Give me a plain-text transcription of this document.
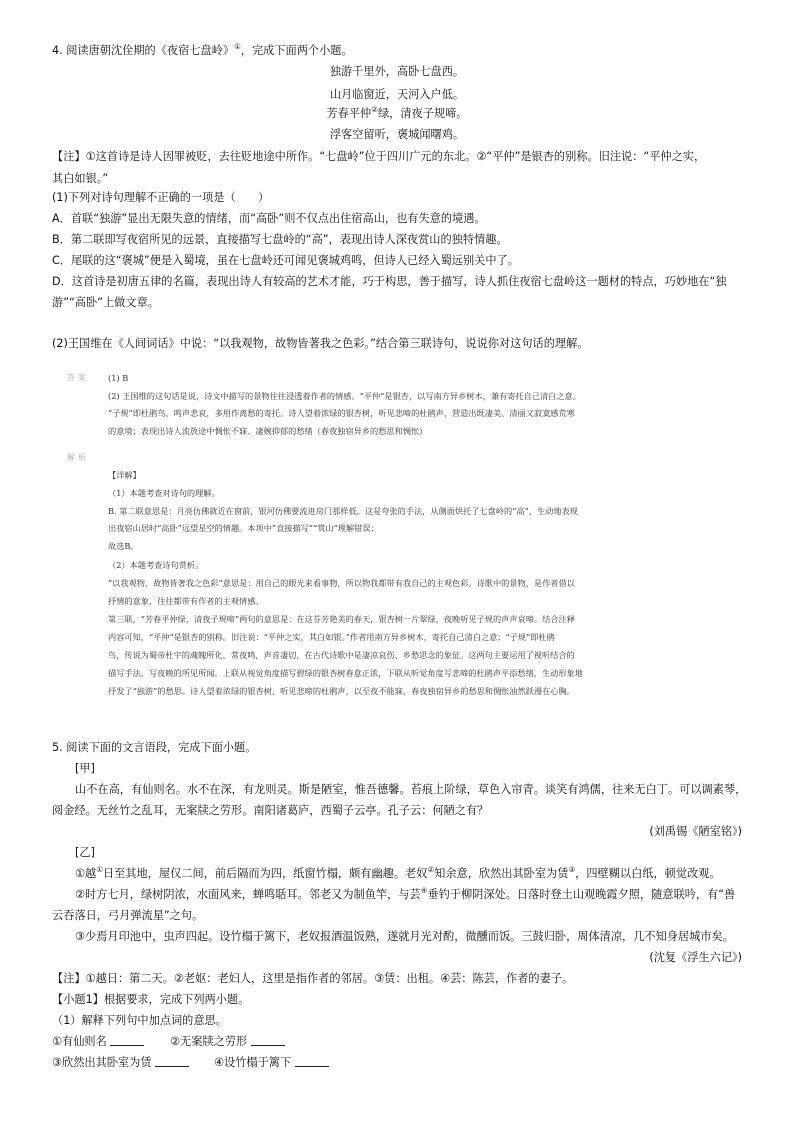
4. 阅读唐朝沈佺期的《夜宿七盘岭》①，完成下面两个小题。
独游千里外，高卧七盘西。
山月临窗近，天河入户低。
芳春平仲②绿，清夜子规啼。
浮客空留听，褒城闻曙鸡。
【注】①这首诗是诗人因罪被贬，去往贬地途中所作。“七盘岭”位于四川广元的东北。②“平仲”是银杏的别称。旧注说：“平仲之实，
其白如银。”
(1)下列对诗句理解不正确的一项是（　　）
A．首联“独游”显出无限失意的情绪，而“高卧”则不仅点出住宿高山，也有失意的境遇。
B．第二联即写夜宿所见的远景，直接描写七盘岭的“高”，表现出诗人深夜赏山的独特情趣。
C．尾联的这“褒城”便是入蜀境，虽在七盘岭还可闻见褒城鸡鸣，但诗人已经入蜀远别关中了。
D．这首诗是初唐五律的名篇，表现出诗人有较高的艺术才能，巧于构思，善于描写，诗人抓住夜宿七盘岭这一题材的特点，巧妙地在“独
游”“高卧”上做文章。
(2)王国维在《人间词话》中说：“以我观物，故物皆著我之色彩。”结合第三联诗句，说说你对这句话的理解。
答案 (1) B
(2) 王国维的这句话是说，诗文中描写的景物往往浸透着作者的情感。“平仲”是银杏，以写南方异乡树木，兼有寄托自己清白之意。
“子规”即杜鹃鸟，鸣声悲哀，多用作离愁的寄托。诗人望着浓绿的银杏树，听见悲啼的杜鹃声，营造出既凄美、清丽又寂寞感荒寒
的意境；表现出诗人流放途中惆怅不寐、凄婉抑郁的愁绪（春夜独宿异乡的愁思和惆怅）
解析
【详解】
（1）本题考查对诗句的理解。
B. 第二联意思是：月亮仿佛就近在窗前，银河仿佛要流进房门那样低。这是夸张的手法，从侧面烘托了七盘岭的“高”，生动地表现
出夜宿山居时“高卧”远望星空的情趣。本项中“直接描写”“赏山”理解错误；
故选B。
（2）本题考查诗句赏析。
“以我观物，故物皆著我之色彩”意思是：用自己的眼光来看事物，所以物我都带有我自己的主观色彩。诗歌中的景物，是作者借以
抒情的意象，往往都带有作者的主观情感。
第三联，“芳春平仲绿，清夜子规啼”两句的意思是：在这芬芳艳美的春天，银杏树一片翠绿，夜晚听见子规的声声哀啼。结合注释
内容可知，“平仲”是银杏的别称。旧注说：“平仲之实，其白如银。”作者用南方异乡树木，寄托自己清白之意；“子规”即杜鹃
鸟，传说为蜀帝杜宇的魂魄所化，常夜鸣，声音凄切，在古代诗歌中是凄凉哀伤、乡愁思念的象征。这两句主要运用了视听结合的
描写手法，写夜晚的所见所闻。上联从视觉角度描写碧绿的银杏树春意正浓，下联从听觉角度写悲啼的杜鹃声平添愁绪，生动形象地
抒发了“独游”的愁思。诗人望着浓绿的银杏树，听见悲啼的杜鹃声，以至夜不能寐，春夜独宿异乡的愁思和惆怅油然跃漫在心胸。
5. 阅读下面的文言语段，完成下面小题。
[甲]
山不在高，有仙则名。水不在深，有龙则灵。斯是陋室，惟吾德馨。苔痕上阶绿，草色入帘青。谈笑有鸿儒，往来无白丁。可以调素琴，
阅金经。无丝竹之乱耳，无案牍之劳形。南阳诸葛庐，西蜀子云亭。孔子云：何陋之有？
(刘禹锡《陋室铭》)
[乙]
①越①日至其地，屋仅二间，前后隔而为四，纸窗竹榻，颇有幽趣。老奴②知余意，欣然出其卧室为赁③，四壁糊以白纸，顿觉改观。
②时方七月，绿树阴浓，水面风来，蝉鸣聒耳。邻老又为制鱼竿，与芸④垂钓于柳阴深处。日落时登土山观晚霞夕照，随意联吟，有“兽
云吞落日，弓月弹流星”之句。
③少焉月印池中，虫声四起。设竹榻于篱下，老奴报酒温饭熟，遂就月光对酌，微醺而饭。三鼓归卧，周体清凉，几不知身居城市矣。
(沈复《浮生六记》)
【注】①越日：第二天。②老妪：老妇人，这里是指作者的邻居。③赁：出租。④芸：陈芸，作者的妻子。
【小题1】根据要求，完成下列两小题。
（1）解释下列句中加点词的意思。
①有仙则名	②无案牍之劳形
③欣然出其卧室为赁	④设竹榻于篱下
